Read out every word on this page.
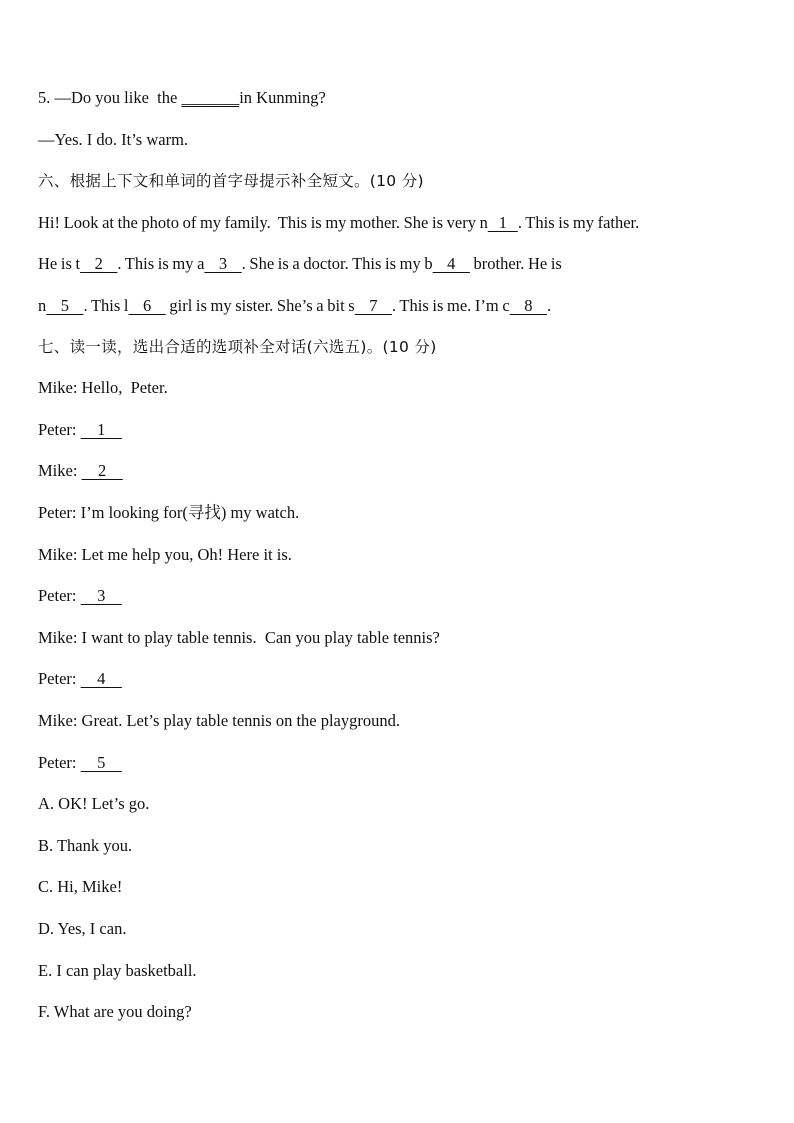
5. —Do you like  the _______in Kunming?
—Yes. I do. It’s warm.
六、根据上下文和单词的首字母提示补全短文。(10 分)
Hi! Look at the photo of my family.  This is my mother. She is very n   1   . This is my father.
He is t    2    . This is my a    3    . She is a doctor. This is my b    4     brother. He is
n    5    . This l    6     girl is my sister. She’s a bit s    7    . This is me. I’m c    8    .
七、读一读，选出合适的选项补全对话(六选五)。(10 分)
Mike: Hello,  Peter.
Peter:     1
Mike:     2
Peter: I’m looking for(寻找) my watch.
Mike: Let me help you, Oh! Here it is.
Peter:     3
Mike: I want to play table tennis.  Can you play table tennis?
Peter:     4
Mike: Great. Let’s play table tennis on the playground.
Peter:     5
A. OK! Let’s go.
B. Thank you.
C. Hi, Mike!
D. Yes, I can.
E. I can play basketball.
F. What are you doing?
